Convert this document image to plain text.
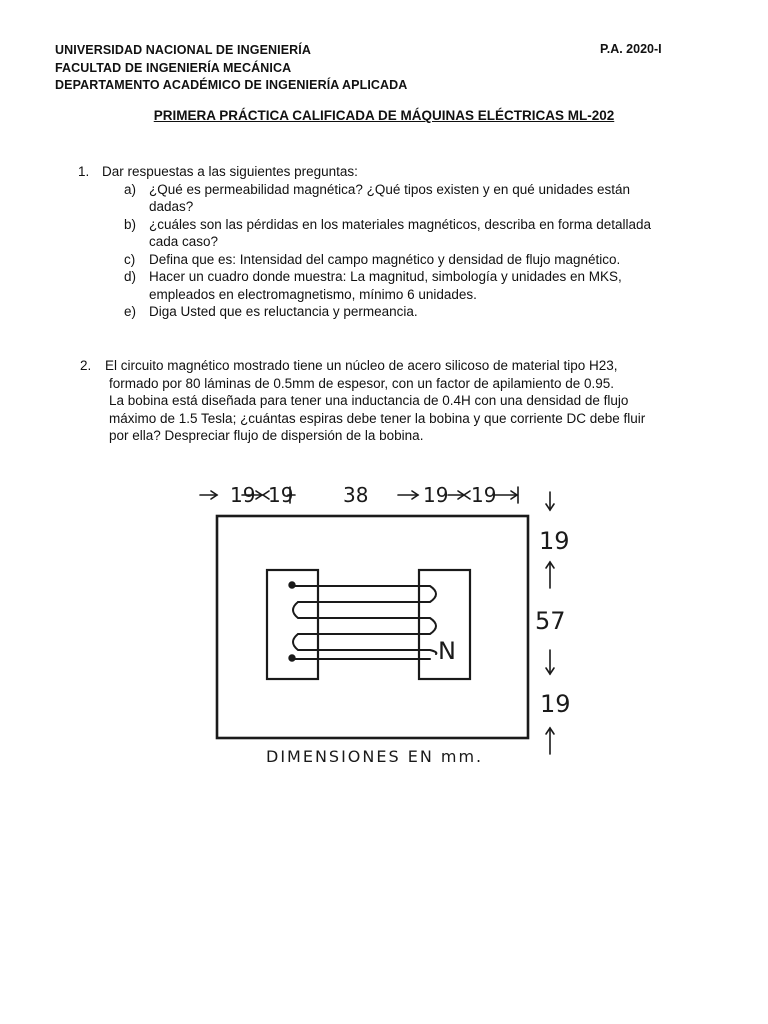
UNIVERSIDAD NACIONAL DE INGENIERÍA
FACULTAD DE INGENIERÍA MECÁNICA
DEPARTAMENTO ACADÉMICO DE INGENIERÍA APLICADA
P.A. 2020-I
PRIMERA PRÁCTICA CALIFICADA DE MÁQUINAS ELÉCTRICAS ML-202
1. Dar respuestas a las siguientes preguntas:
a) ¿Qué es permeabilidad magnética? ¿Qué tipos existen y en qué unidades están
dadas?
b) ¿cuáles son las pérdidas en los materiales magnéticos, describa en forma detallada
cada caso?
c) Defina que es: Intensidad del campo magnético y densidad de flujo magnético.
d) Hacer un cuadro donde muestra: La magnitud, simbología y unidades en MKS,
empleados en electromagnetismo, mínimo 6 unidades.
e) Diga Usted que es reluctancia y permeancia.
2. El circuito magnético mostrado tiene un núcleo de acero silicoso de material tipo H23,
formado por 80 láminas de 0.5mm de espesor, con un factor de apilamiento de 0.95.
La bobina está diseñada para tener una inductancia de 0.4H con una densidad de flujo
máximo de 1.5 Tesla; ¿cuántas espiras debe tener la bobina y que corriente DC debe fluir
por ella? Despreciar flujo de dispersión de la bobina.
19 19 38	19 19
19
57
19
N
DIMENSIONES EN mm.
